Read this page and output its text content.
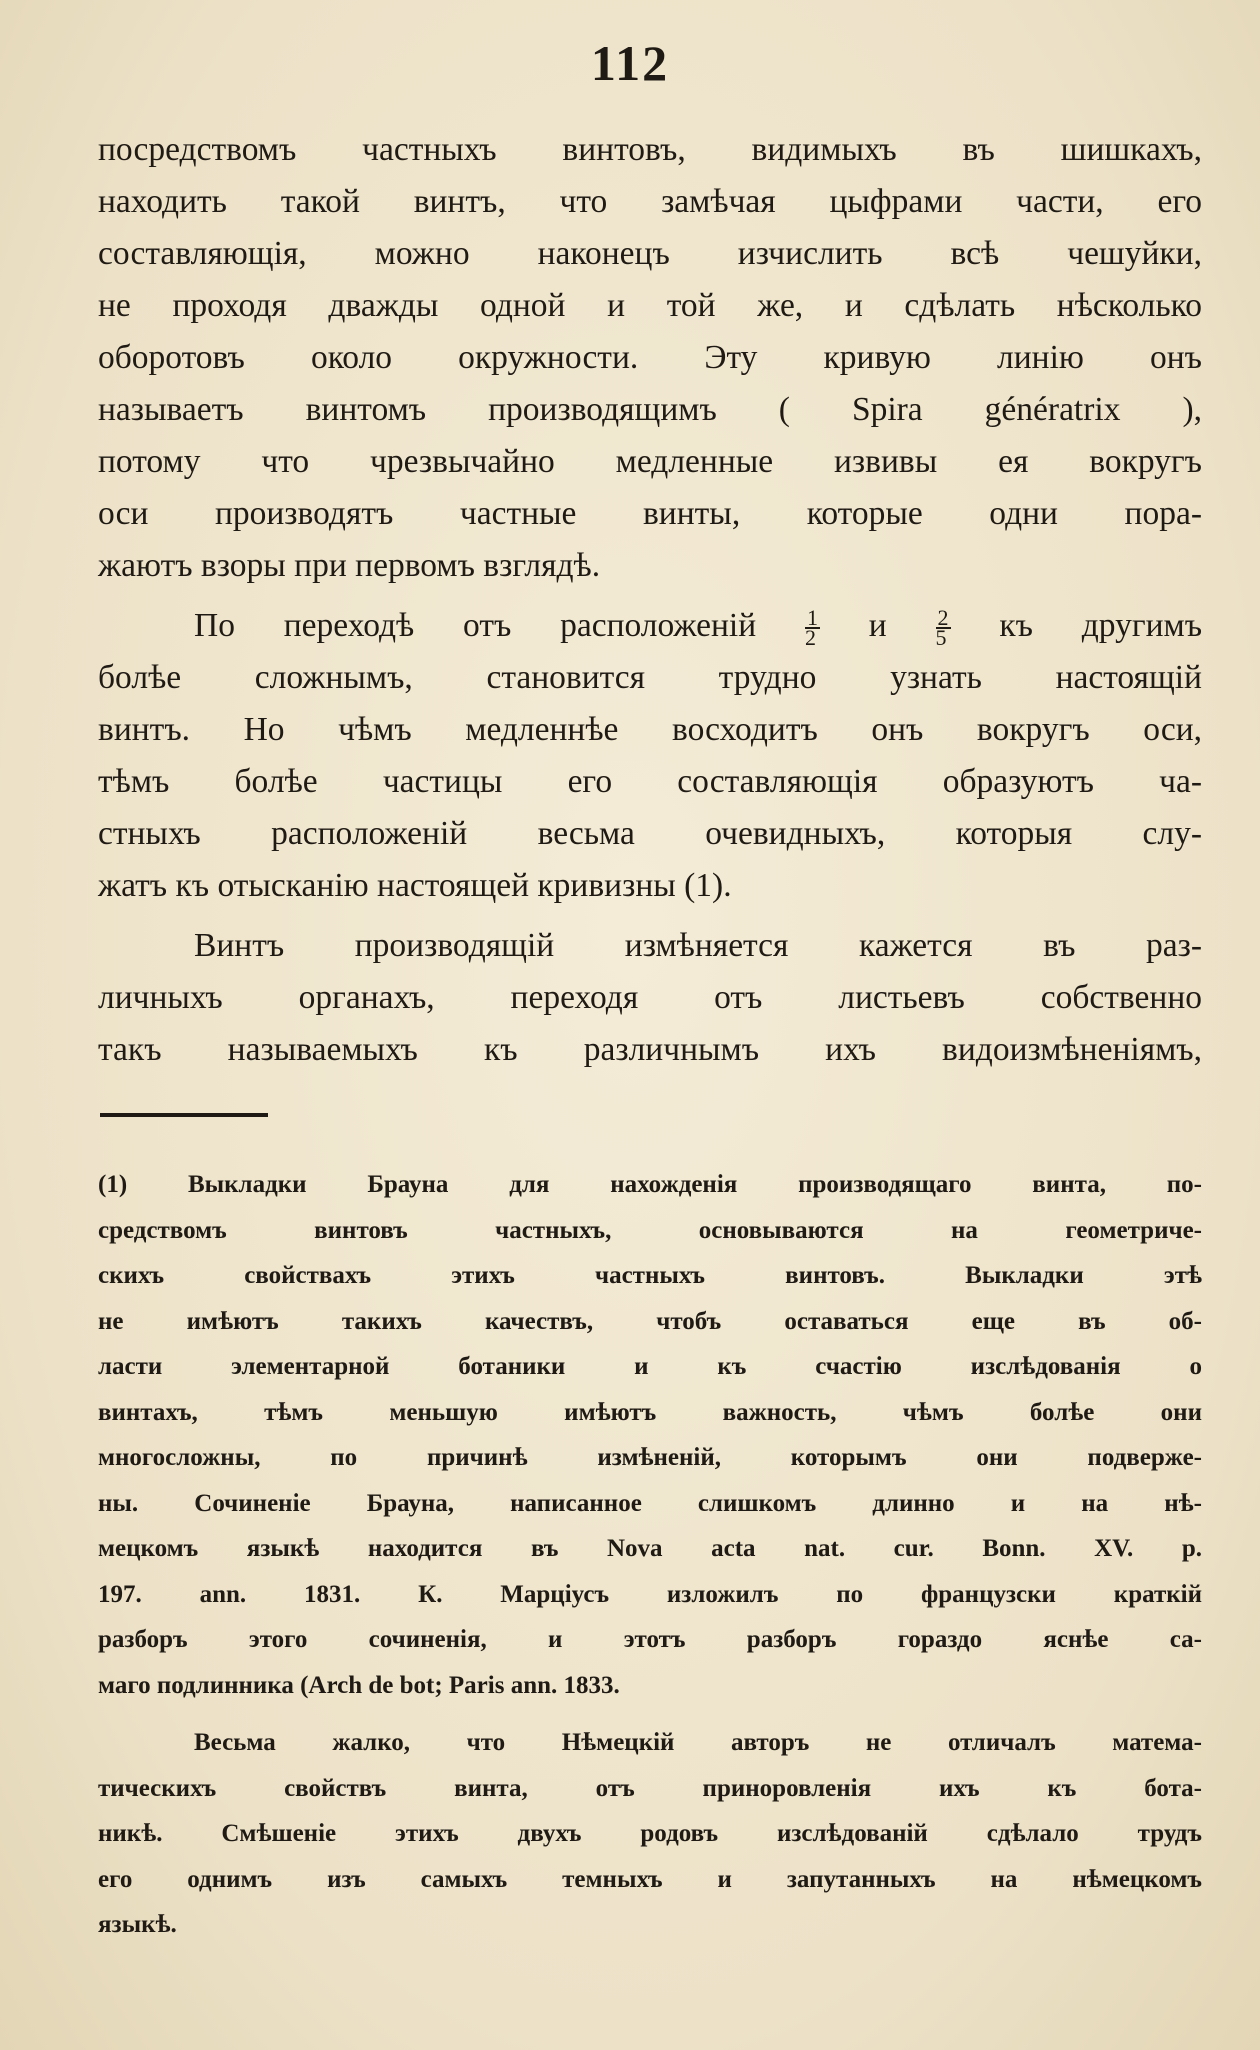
112

посредствомъ частныхъ винтовъ, видимыхъ въ шишкахъ,
находить такой винтъ, что замѣчая цыфрами части, его
составляющія, можно наконецъ изчислить всѣ чешуйки,
не проходя дважды одной и той же, и сдѣлать нѣсколько
оборотовъ около окружности. Эту кривую линію онъ
называетъ винтомъ производящимъ ( Spira génératrix ),
потому что чрезвычайно медленные извивы ея вокругъ
оси производятъ частные винты, которые одни пора-
жаютъ взоры при первомъ взглядѣ.

По переходѣ отъ расположеній $\frac{1}{2}$ и $\frac{2}{5}$ къ другимъ
болѣе сложнымъ, становится трудно узнать настоящій
винтъ. Но чѣмъ медленнѣе восходитъ онъ вокругъ оси,
тѣмъ болѣе частицы его составляющія образуютъ ча-
стныхъ расположеній весьма очевидныхъ, которыя слу-
жатъ къ отысканію настоящей кривизны (1).

Винтъ производящій измѣняется кажется въ раз-
личныхъ органахъ, переходя отъ листьевъ собственно
такъ называемыхъ къ различнымъ ихъ видоизмѣненіямъ,

(1) Выкладки Брауна для нахожденія производящаго винта, по-
средствомъ винтовъ частныхъ, основываются на геометриче-
скихъ свойствахъ этихъ частныхъ винтовъ. Выкладки этѣ
не имѣютъ такихъ качествъ, чтобъ оставаться еще въ об-
ласти элементарной ботаники и къ счастію изслѣдованія о
винтахъ, тѣмъ меньшую имѣютъ важность, чѣмъ болѣе они
многосложны, по причинѣ измѣненій, которымъ они подверже-
ны. Сочиненіе Брауна, написанное слишкомъ длинно и на нѣ-
мецкомъ языкѣ находится въ Nova acta nat. cur. Bonn. XV. p.
197. ann. 1831. К. Марціусъ изложилъ по французски краткій
разборъ этого сочиненія, и этотъ разборъ гораздо яснѣе са-
маго подлинника (Arch de bot; Paris ann. 1833.

Весьма жалко, что Нѣмецкій авторъ не отличалъ матема-
тическихъ свойствъ винта, отъ приноровленія ихъ къ бота-
никѣ. Смѣшеніе этихъ двухъ родовъ изслѣдованій сдѣлало трудъ
его однимъ изъ самыхъ темныхъ и запутанныхъ на нѣмецкомъ
языкѣ.
